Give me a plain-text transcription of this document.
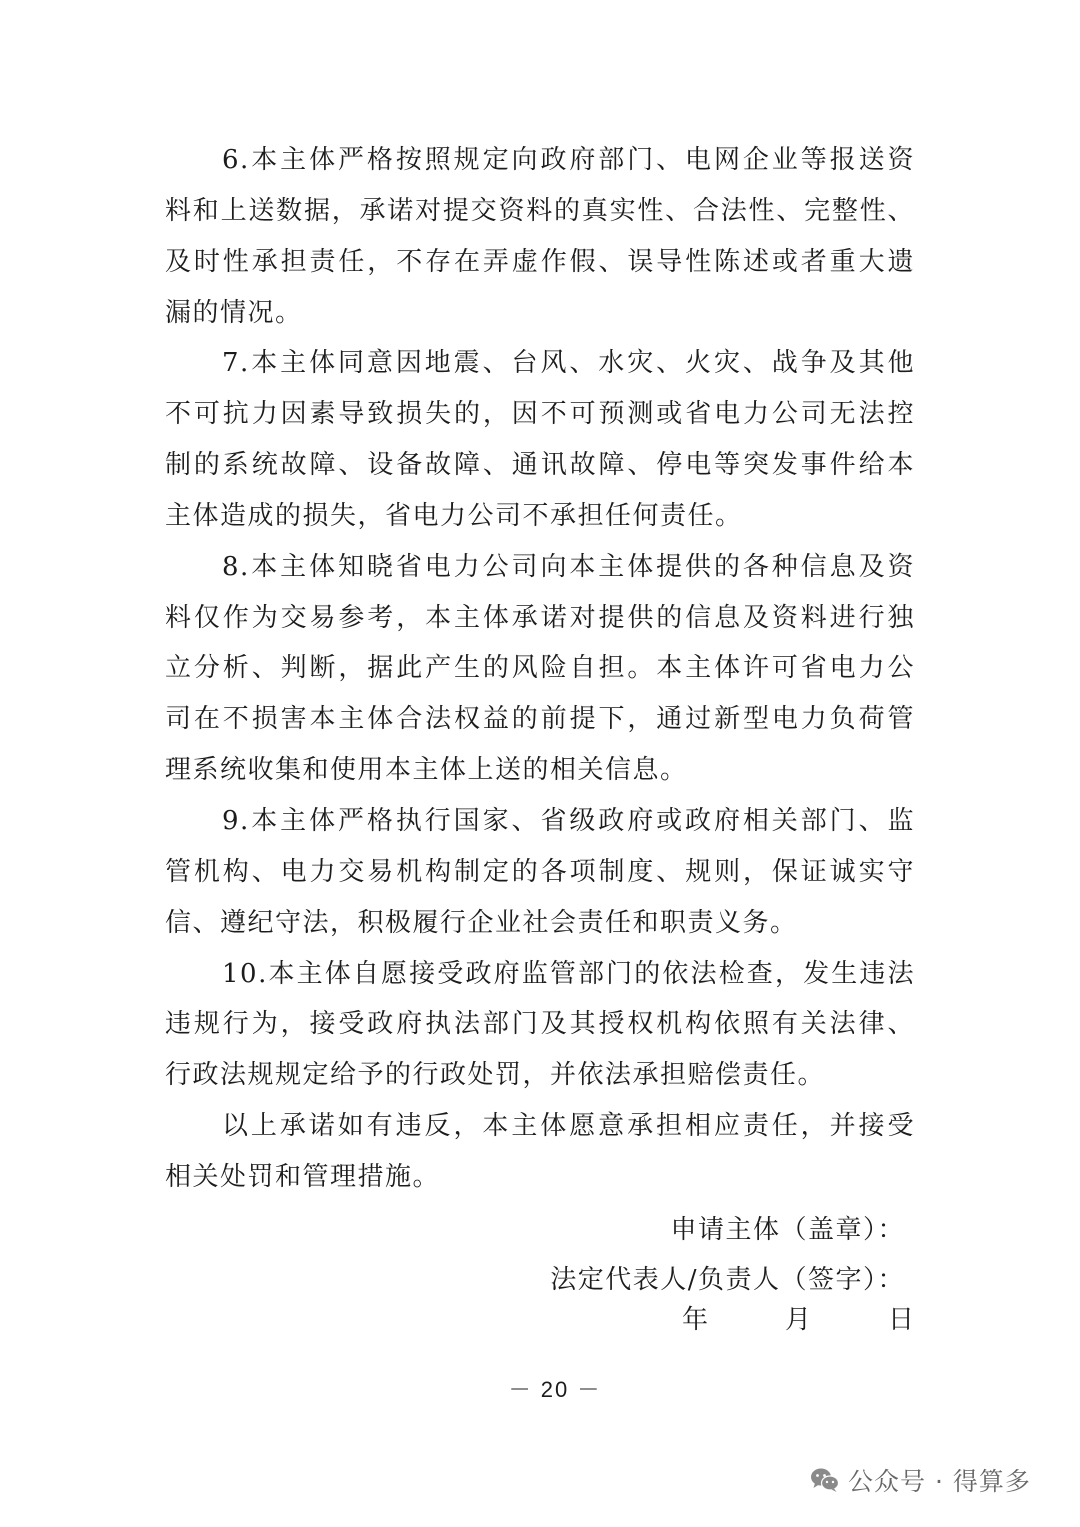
6.本主体严格按照规定向政府部门、电网企业等报送资
料和上送数据，承诺对提交资料的真实性、合法性、完整性、
及时性承担责任，不存在弄虚作假、误导性陈述或者重大遗
漏的情况。
7.本主体同意因地震、台风、水灾、火灾、战争及其他
不可抗力因素导致损失的，因不可预测或省电力公司无法控
制的系统故障、设备故障、通讯故障、停电等突发事件给本
主体造成的损失，省电力公司不承担任何责任。
8.本主体知晓省电力公司向本主体提供的各种信息及资
料仅作为交易参考，本主体承诺对提供的信息及资料进行独
立分析、判断，据此产生的风险自担。本主体许可省电力公
司在不损害本主体合法权益的前提下，通过新型电力负荷管
理系统收集和使用本主体上送的相关信息。
9.本主体严格执行国家、省级政府或政府相关部门、监
管机构、电力交易机构制定的各项制度、规则，保证诚实守
信、遵纪守法，积极履行企业社会责任和职责义务。
10.本主体自愿接受政府监管部门的依法检查，发生违法
违规行为，接受政府执法部门及其授权机构依照有关法律、
行政法规规定给予的行政处罚，并依法承担赔偿责任。
以上承诺如有违反，本主体愿意承担相应责任，并接受
相关处罚和管理措施。
申请主体（盖章）：
法定代表人/负责人（签字）：
年	月	日
－ 20 －
公众号 · 得算多
